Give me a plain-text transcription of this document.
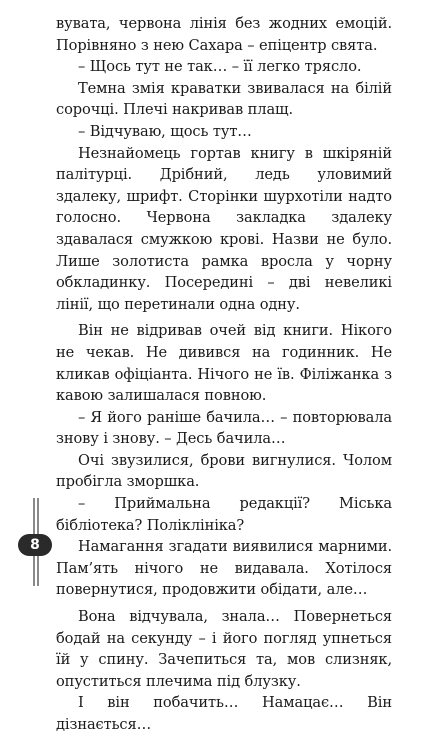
вувата, червона лінія без жодних емоцій. Порівняно з нею Сахара – епіцентр свята.

– Щось тут не так… – її легко трясло.

Темна змія краватки звивалася на білій сорочці. Плечі накривав плащ.

– Відчуваю, щось тут…

Незнайомець гортав книгу в шкіряній палітурці. Дрібний, ледь уловимий здалеку, шрифт. Сторінки шурхотіли надто голосно. Червона закладка здалеку здавалася смужкою крові. Назви не було. Лише золотиста рамка вросла у чорну обкладинку. Посередині – дві невеликі лінії, що перетинали одна одну.

Він не відривав очей від книги. Нікого не чекав. Не дивився на годинник. Не кликав офіціанта. Нічого не їв. Філіжанка з кавою залишалася повною.

– Я його раніше бачила… – повторювала знову і знову. – Десь бачила…

Очі звузилися, брови вигнулися. Чолом пробігла зморшка.

– Приймальна редакції? Міська бібліотека? Поліклініка?

Намагання згадати виявилися марними. Пам’ять нічого не видавала. Хотілося повернутися, продовжити обідати, але…

Вона відчувала, знала… Повернеться бодай на секунду – і його погляд упнеться їй у спину. Зачепиться та, мов слизняк, опуститься плечима під блузку.

І він побачить… Намацає… Він дізнається…

8
